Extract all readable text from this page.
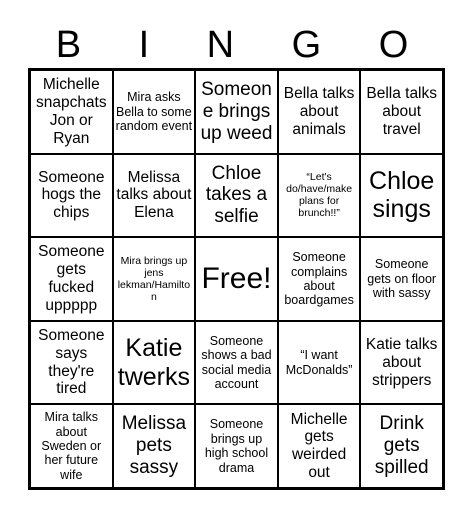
B I N G O
Michelle snapchats Jon or Ryan
Mira asks Bella to some random event
Someone brings up weed
Bella talks about animals
Bella talks about travel
Someone hogs the chips
Melissa talks about Elena
Chloe takes a selfie
“Let's do/have/make plans for brunch!!”
Chloe sings
Someone gets fucked uppppp
Mira brings up jens lekman/Hamilton
Free!
Someone complains about boardgames
Someone gets on floor with sassy
Someone says they're tired
Katie twerks
Someone shows a bad social media account
“I want McDonalds”
Katie talks about strippers
Mira talks about Sweden or her future wife
Melissa pets sassy
Someone brings up high school drama
Michelle gets weirded out
Drink gets spilled
